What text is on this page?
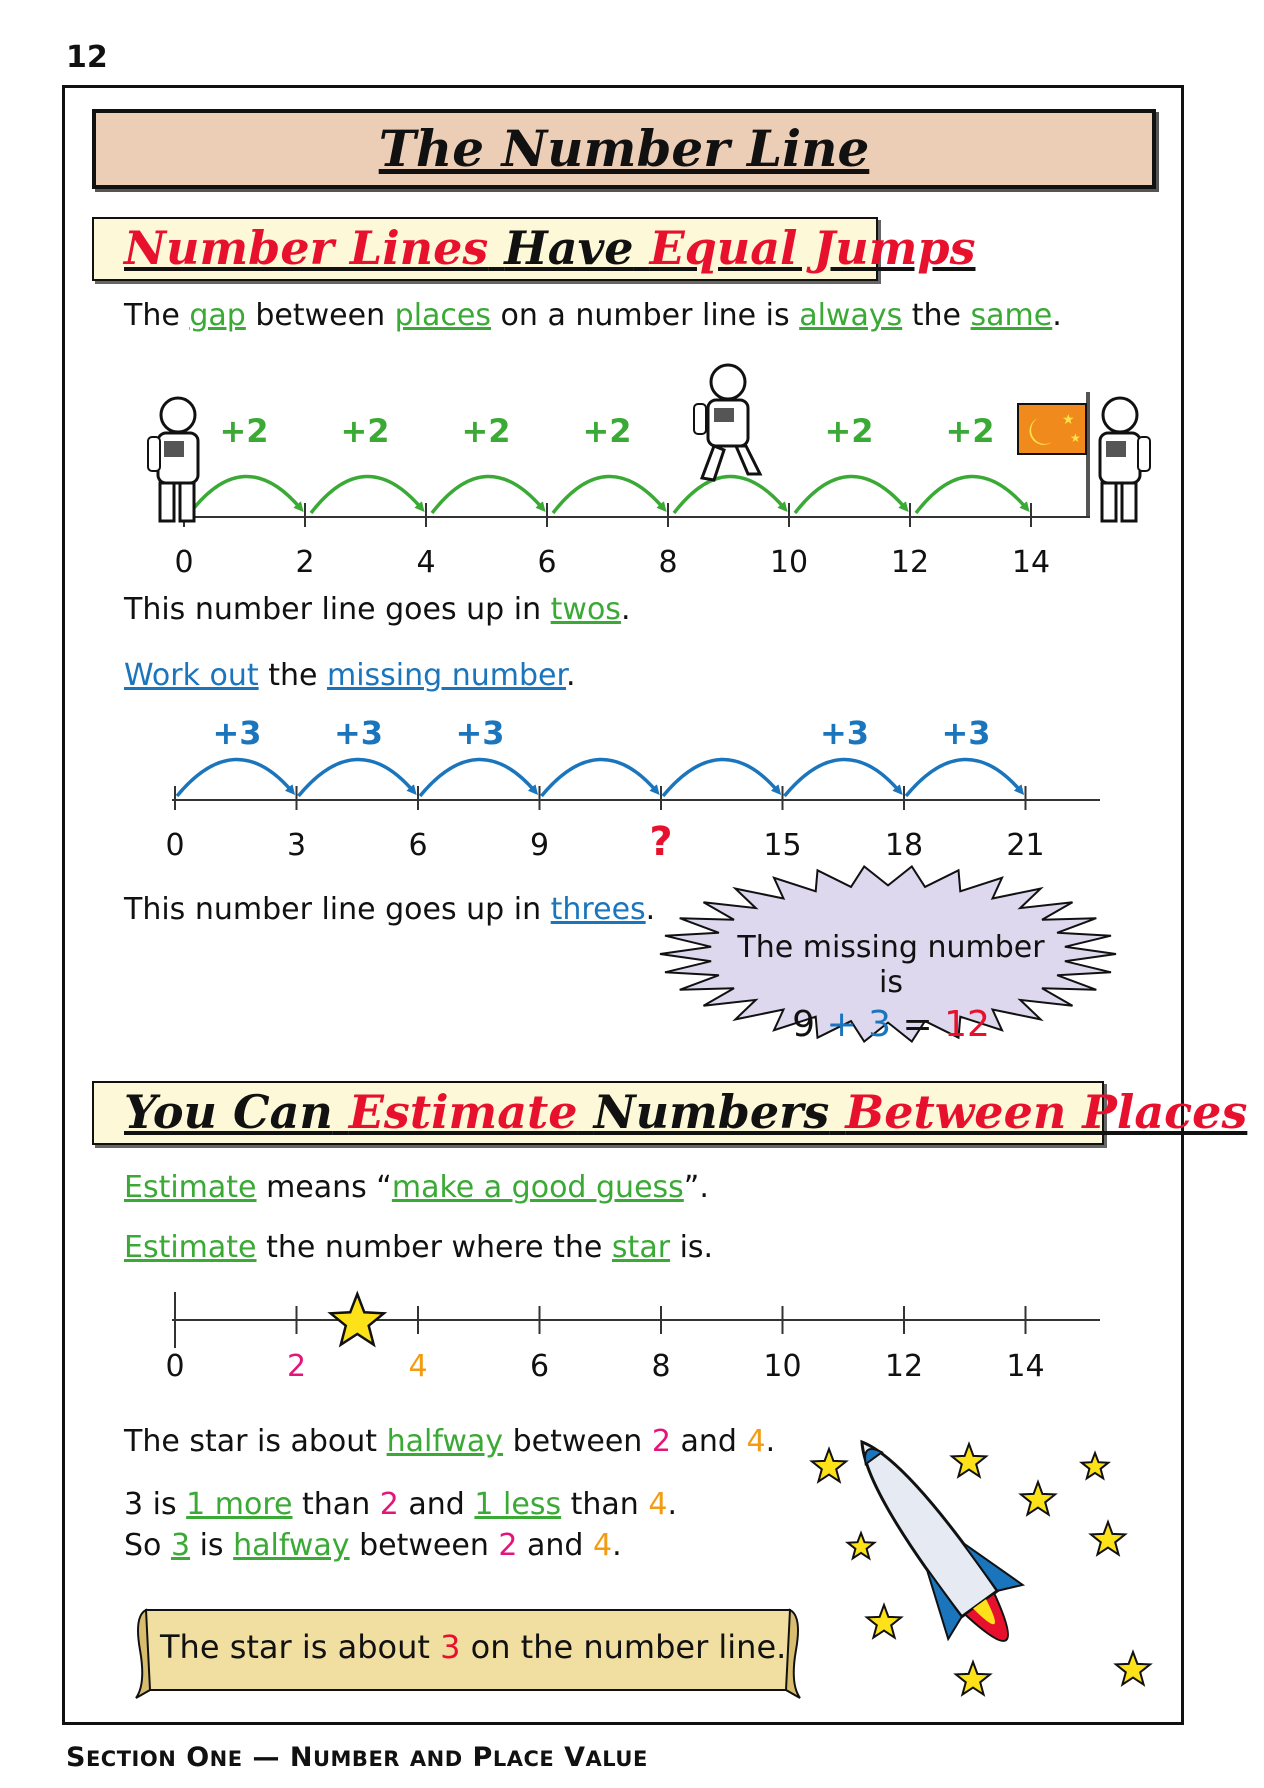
12
The Number Line
Number Lines Have Equal Jumps
The gap between places on a number line is always the same.
0	2	4	6	8	10	12	14
+2 +2 +2 +2	+2 +2	★
★
0	3	6	9	?	15	18	21
+3 +3 +3	+3 +3
0	2	4	6	8	10	12	14
This number line goes up in twos.
Work out the missing number.
This number line goes up in threes.
The missing number is
9 + 3 = 12
You Can Estimate Numbers Between Places
Estimate means “make a good guess”.
Estimate the number where the star is.
The star is about halfway between 2 and 4.
3 is 1 more than 2 and 1 less than 4.
So 3 is halfway between 2 and 4.
The star is about 3 on the number line.
SECTION ONE — NUMBER AND PLACE VALUE
